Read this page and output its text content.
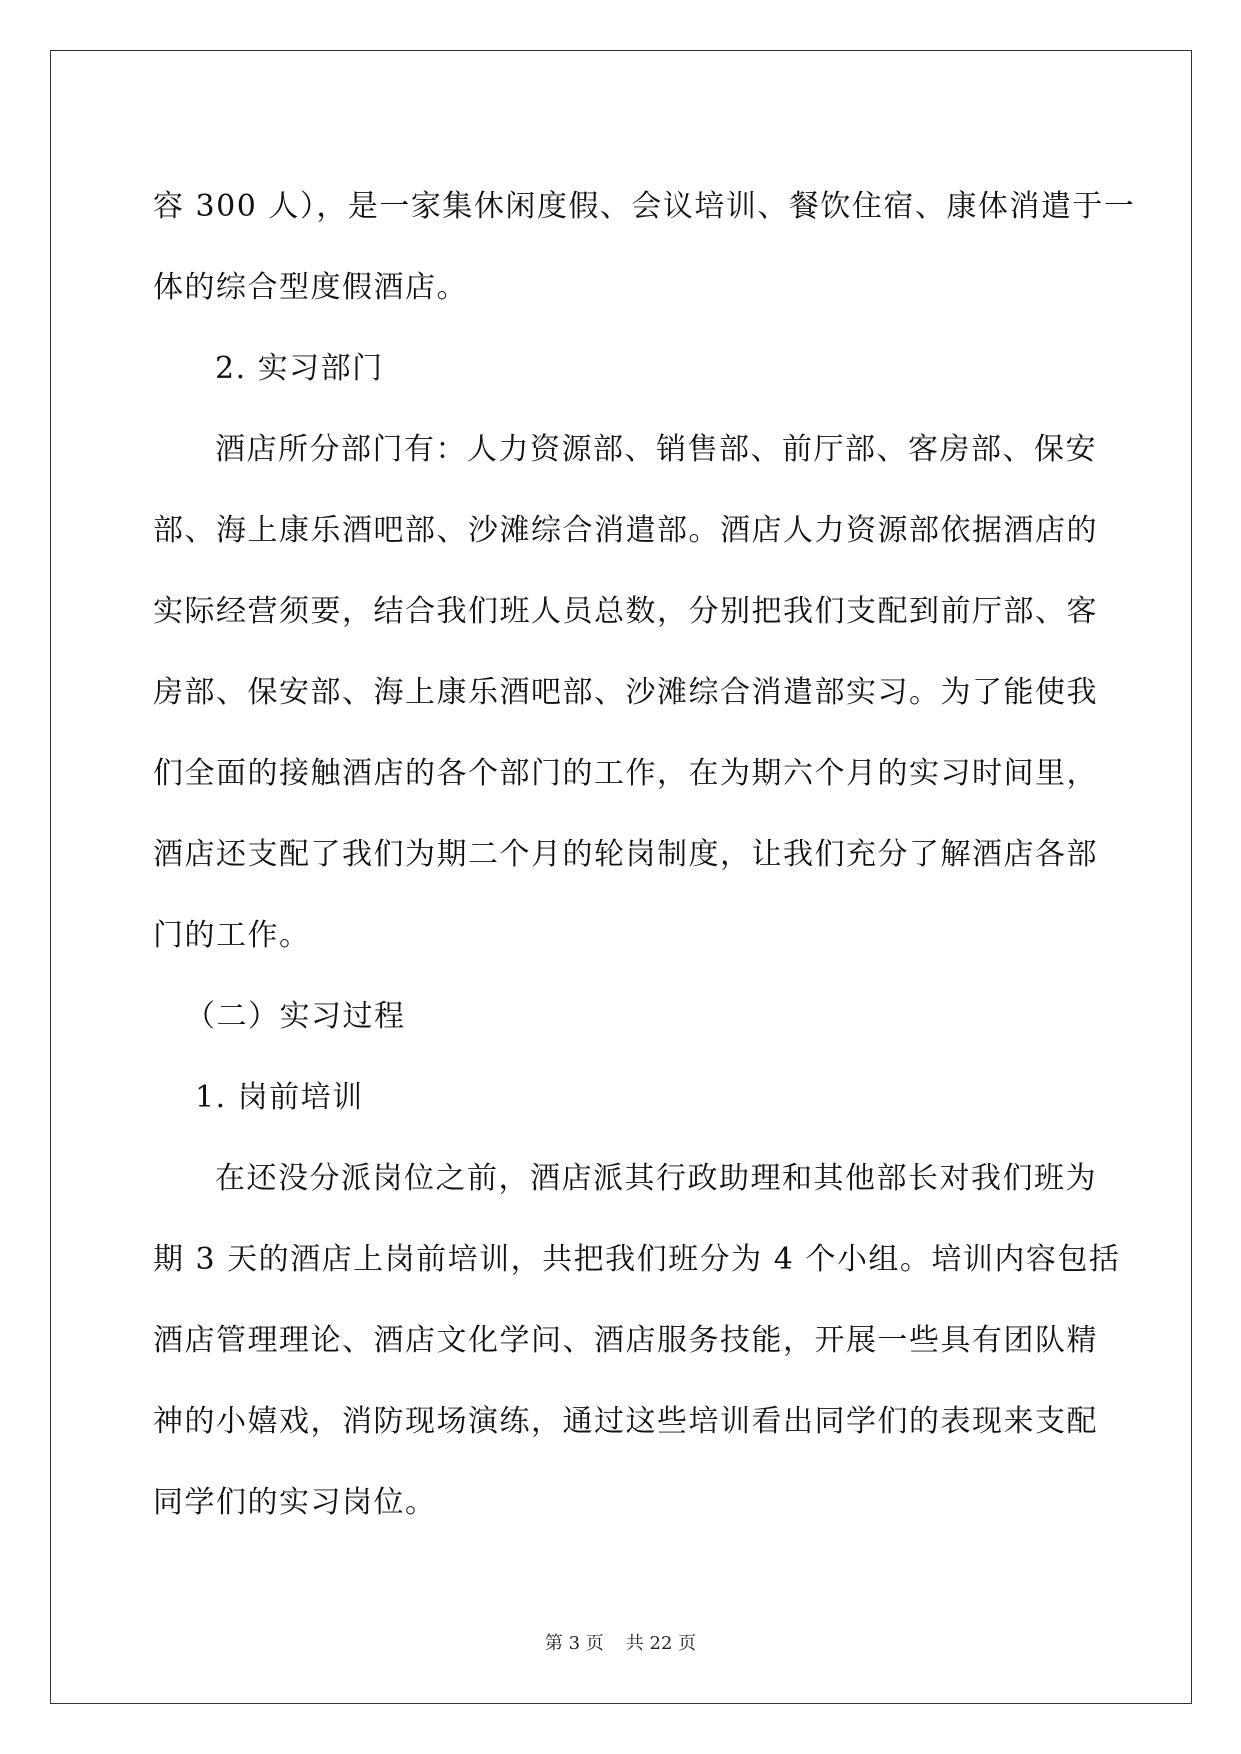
容 300 人），是一家集休闲度假、会议培训、餐饮住宿、康体消遣于一
体的综合型度假酒店。

2. 实习部门

酒店所分部门有：人力资源部、销售部、前厅部、客房部、保安
部、海上康乐酒吧部、沙滩综合消遣部。酒店人力资源部依据酒店的
实际经营须要，结合我们班人员总数，分别把我们支配到前厅部、客
房部、保安部、海上康乐酒吧部、沙滩综合消遣部实习。为了能使我
们全面的接触酒店的各个部门的工作，在为期六个月的实习时间里，
酒店还支配了我们为期二个月的轮岗制度，让我们充分了解酒店各部
门的工作。

（二）实习过程

1. 岗前培训

在还没分派岗位之前，酒店派其行政助理和其他部长对我们班为
期 3 天的酒店上岗前培训，共把我们班分为 4 个小组。培训内容包括
酒店管理理论、酒店文化学问、酒店服务技能，开展一些具有团队精
神的小嬉戏，消防现场演练，通过这些培训看出同学们的表现来支配
同学们的实习岗位。

第 3 页 共 22 页
